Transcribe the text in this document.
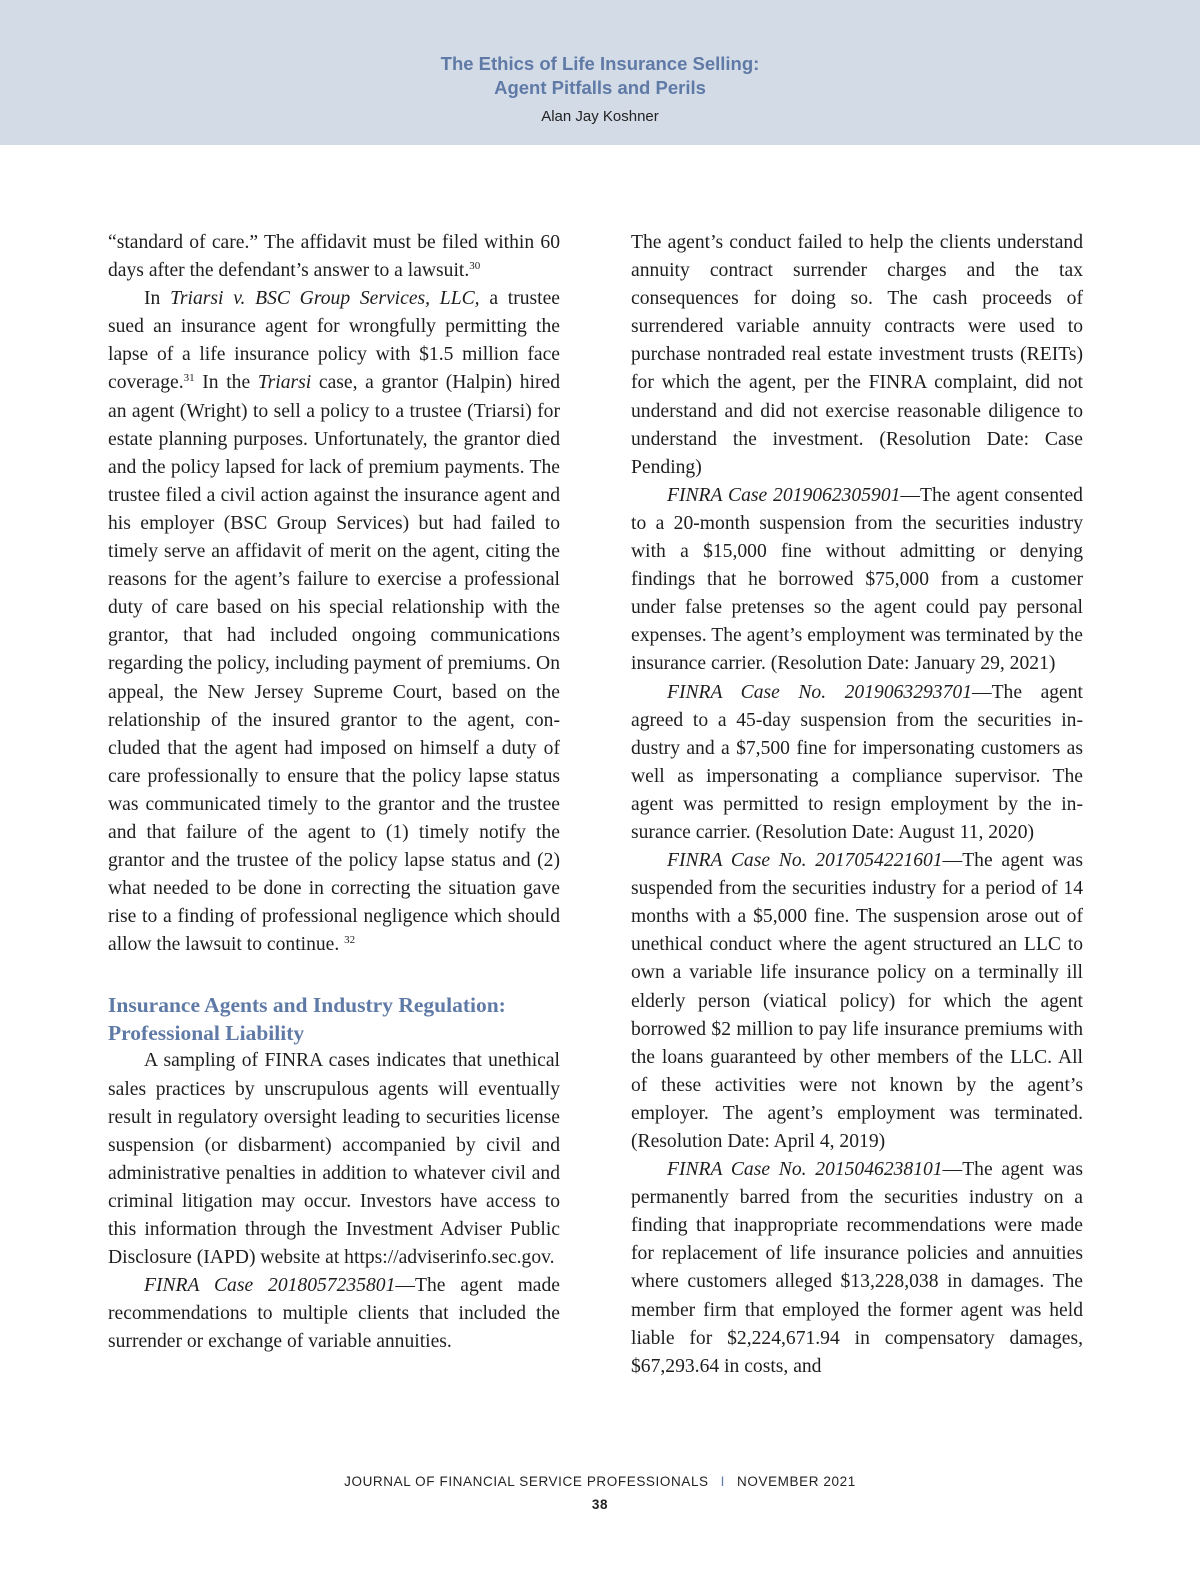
The Ethics of Life Insurance Selling:
Agent Pitfalls and Perils
Alan Jay Koshner

“standard of care.” The affidavit must be filed within 60 days after the defendant’s answer to a lawsuit.$^{30}$

In Triarsi v. BSC Group Services, LLC, a trustee sued an insurance agent for wrongfully permitting the lapse of a life insurance policy with $1.5 million face coverage.$^{31}$ In the Triarsi case, a grantor (Halpin) hired an agent (Wright) to sell a policy to a trustee (Triarsi) for estate planning purposes. Unfortunately, the grantor died and the policy lapsed for lack of premium payments. The trustee filed a civil action against the insurance agent and his employer (BSC Group Services) but had failed to timely serve an affidavit of merit on the agent, citing the reasons for the agent’s failure to exercise a professional duty of care based on his special relationship with the grantor, that had included ongoing communications regarding the policy, including payment of premiums. On appeal, the New Jersey Supreme Court, based on the relationship of the insured grantor to the agent, concluded that the agent had imposed on himself a duty of care professionally to ensure that the policy lapse status was communicated timely to the grantor and the trustee and that failure of the agent to (1) timely notify the grantor and the trustee of the policy lapse status and (2) what needed to be done in correcting the situation gave rise to a finding of professional negligence which should allow the lawsuit to continue. $^{32}$

Insurance Agents and Industry Regulation:
Professional Liability

A sampling of FINRA cases indicates that unethical sales practices by unscrupulous agents will eventually result in regulatory oversight leading to securities license suspension (or disbarment) accompanied by civil and administrative penalties in addition to whatever civil and criminal litigation may occur. Investors have access to this information through the Investment Adviser Public Disclosure (IAPD) website at https://adviserinfo.sec.gov.

FINRA Case 2018057235801—The agent made recommendations to multiple clients that included the surrender or exchange of variable annuities.

The agent’s conduct failed to help the clients understand annuity contract surrender charges and the tax consequences for doing so. The cash proceeds of surrendered variable annuity contracts were used to purchase nontraded real estate investment trusts (REITs) for which the agent, per the FINRA complaint, did not understand and did not exercise reasonable diligence to understand the investment. (Resolution Date: Case Pending)

FINRA Case 2019062305901—The agent consented to a 20-month suspension from the securities industry with a $15,000 fine without admitting or denying findings that he borrowed $75,000 from a customer under false pretenses so the agent could pay personal expenses. The agent’s employment was terminated by the insurance carrier. (Resolution Date: January 29, 2021)

FINRA Case No. 2019063293701—The agent agreed to a 45-day suspension from the securities industry and a $7,500 fine for impersonating customers as well as impersonating a compliance supervisor. The agent was permitted to resign employment by the insurance carrier. (Resolution Date: August 11, 2020)

FINRA Case No. 2017054221601—The agent was suspended from the securities industry for a period of 14 months with a $5,000 fine. The suspension arose out of unethical conduct where the agent structured an LLC to own a variable life insurance policy on a terminally ill elderly person (viatical policy) for which the agent borrowed $2 million to pay life insurance premiums with the loans guaranteed by other members of the LLC. All of these activities were not known by the agent’s employer. The agent’s employment was terminated. (Resolution Date: April 4, 2019)

FINRA Case No. 2015046238101—The agent was permanently barred from the securities industry on a finding that inappropriate recommendations were made for replacement of life insurance policies and annuities where customers alleged $13,228,038 in damages. The member firm that employed the former agent was held liable for $2,224,671.94 in compensatory damages, $67,293.64 in costs, and

JOURNAL OF FINANCIAL SERVICE PROFESSIONALS I NOVEMBER 2021
38
